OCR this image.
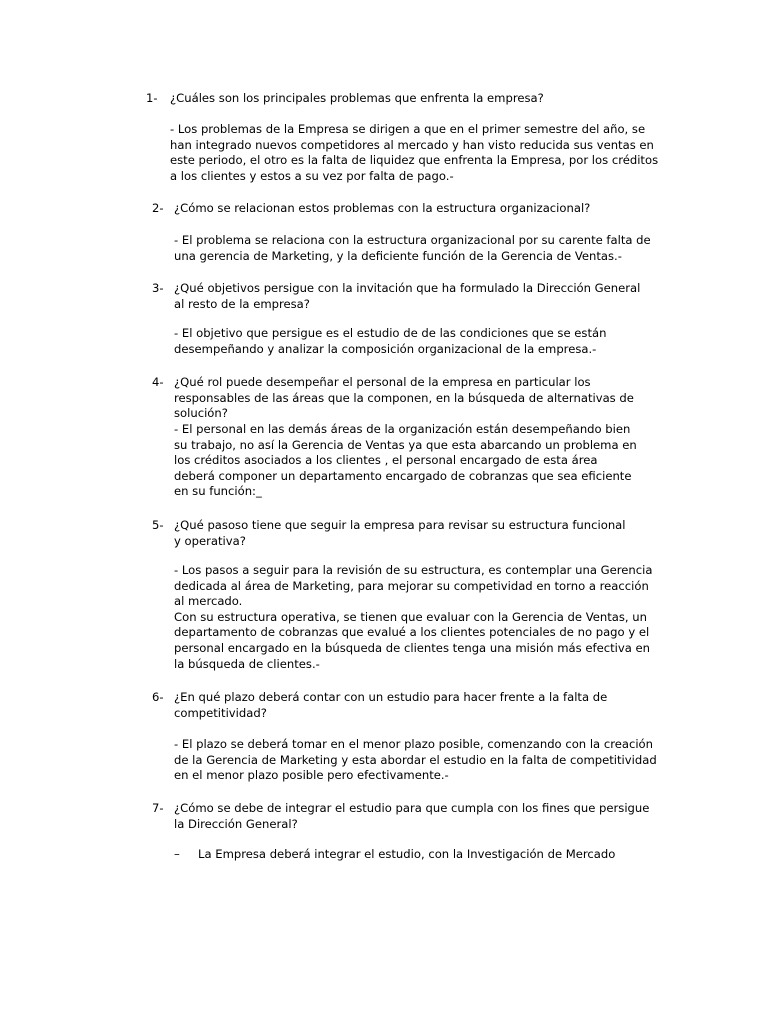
1- ¿Cuáles son los principales problemas que enfrenta la empresa?

- Los problemas de la Empresa se dirigen a que en el primer semestre del año, se han integrado nuevos competidores al mercado y han visto reducida sus ventas en este periodo, el otro es la falta de liquidez que enfrenta la Empresa, por los créditos a los clientes y estos a su vez por falta de pago.-

2- ¿Cómo se relacionan estos problemas con la estructura organizacional?

- El problema se relaciona con la estructura organizacional por su carente falta de una gerencia de Marketing, y la deficiente función de la Gerencia de Ventas.-

3- ¿Qué objetivos persigue con la invitación que ha formulado la Dirección General al resto de la empresa?

- El objetivo que persigue es el estudio de de las condiciones que se están desempeñando y analizar la composición organizacional de la empresa.-

4- ¿Qué rol puede desempeñar el personal de la empresa en particular los responsables de las áreas que la componen, en la búsqueda de alternativas de solución?

- El personal en las demás áreas de la organización están desempeñando bien su trabajo, no así la Gerencia de Ventas ya que esta abarcando un problema en los créditos asociados a los clientes , el personal encargado de esta área deberá componer un departamento encargado de cobranzas que sea eficiente en su función:_

5- ¿Qué pasoso tiene que seguir la empresa para revisar su estructura funcional y operativa?

- Los pasos a seguir para la revisión de su estructura, es contemplar una Gerencia dedicada al área de Marketing, para mejorar su competividad en torno a reacción al mercado.

Con su estructura operativa, se tienen que evaluar con la Gerencia de Ventas, un departamento de cobranzas que evalué a los clientes potenciales de no pago y el personal encargado en la búsqueda de clientes tenga una misión más efectiva en la búsqueda de clientes.-

6- ¿En qué plazo deberá contar con un estudio para hacer frente a la falta de competitividad?

- El plazo se deberá tomar en el menor plazo posible, comenzando con la creación de la Gerencia de Marketing y esta abordar el estudio en la falta de competitividad en el menor plazo posible pero efectivamente.-

7- ¿Cómo se debe de integrar el estudio para que cumpla con los fines que persigue la Dirección General?
– La Empresa deberá integrar el estudio, con la Investigación de Mercado
